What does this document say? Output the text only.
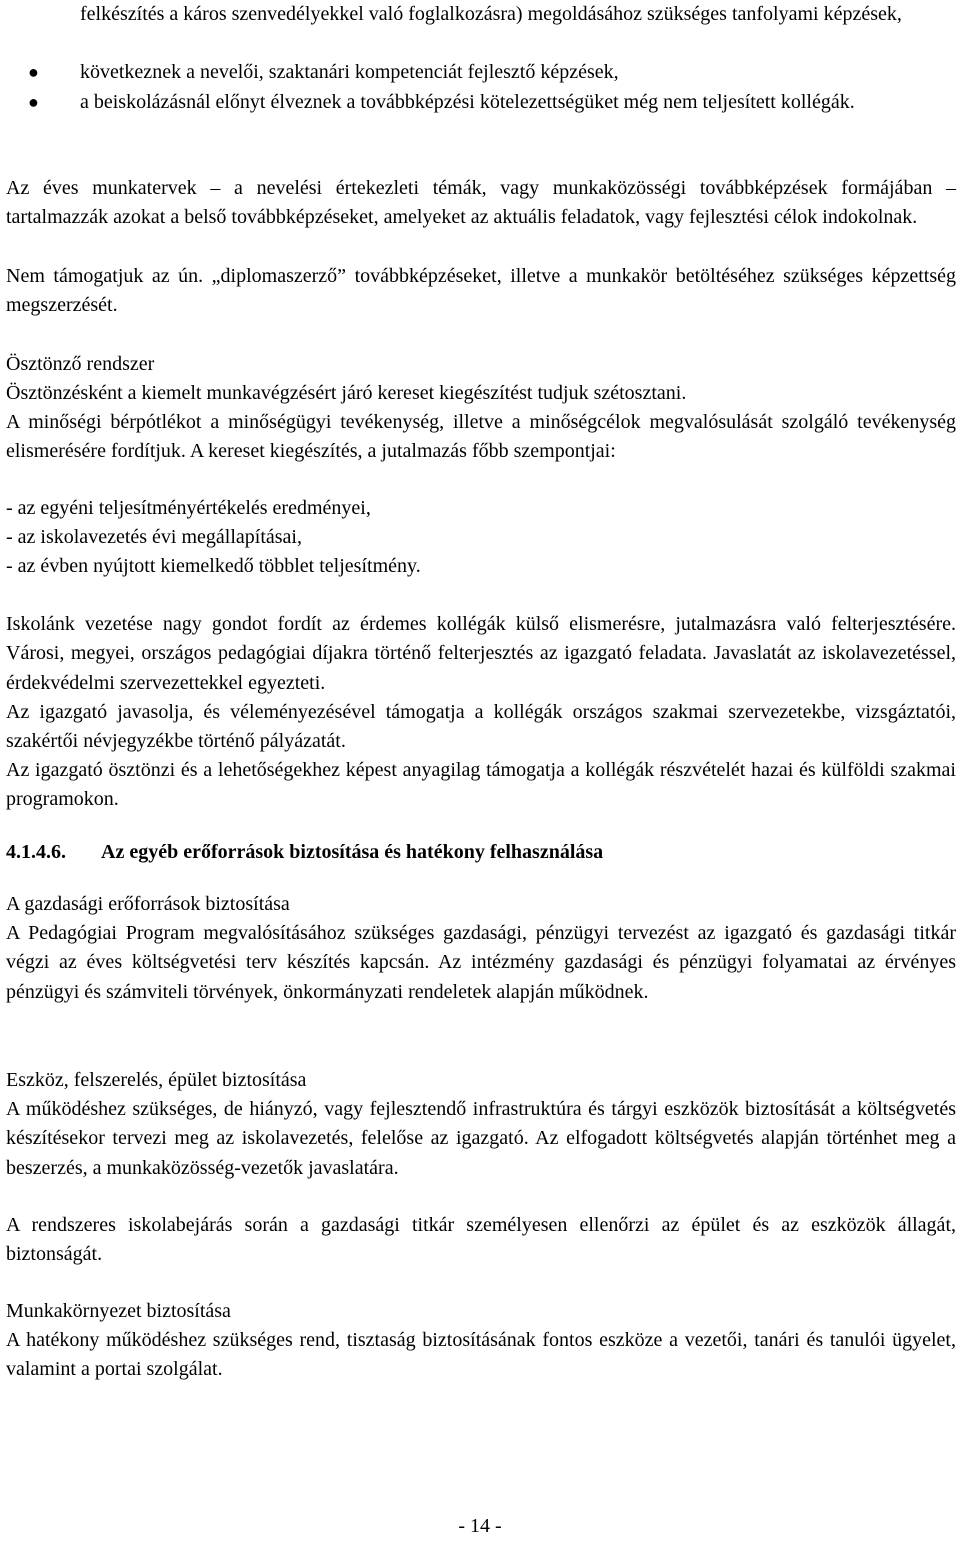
felkészítés a káros szenvedélyekkel való foglalkozásra) megoldásához szükséges tanfolyami képzések,

● következnek a nevelői, szaktanári kompetenciát fejlesztő képzések,

● a beiskolázásnál előnyt élveznek a továbbképzési kötelezettségüket még nem teljesített kollégák.

Az éves munkatervek – a nevelési értekezleti témák, vagy munkaközösségi továbbképzések formájában – tartalmazzák azokat a belső továbbképzéseket, amelyeket az aktuális feladatok, vagy fejlesztési célok indokolnak.

Nem támogatjuk az ún. „diplomaszerző” továbbképzéseket, illetve a munkakör betöltéséhez szükséges képzettség megszerzését.

Ösztönző rendszer

Ösztönzésként a kiemelt munkavégzésért járó kereset kiegészítést tudjuk szétosztani.

A minőségi bérpótlékot a minőségügyi tevékenység, illetve a minőségcélok megvalósulását szolgáló tevékenység elismerésére fordítjuk. A kereset kiegészítés, a jutalmazás főbb szempontjai:

- az egyéni teljesítményértékelés eredményei,

- az iskolavezetés évi megállapításai,

- az évben nyújtott kiemelkedő többlet teljesítmény.

Iskolánk vezetése nagy gondot fordít az érdemes kollégák külső elismerésre, jutalmazásra való felterjesztésére. Városi, megyei, országos pedagógiai díjakra történő felterjesztés az igazgató feladata. Javaslatát az iskolavezetéssel, érdekvédelmi szervezettekkel egyezteti.

Az igazgató javasolja, és véleményezésével támogatja a kollégák országos szakmai szervezetekbe, vizsgáztatói, szakértői névjegyzékbe történő pályázatát.

Az igazgató ösztönzi és a lehetőségekhez képest anyagilag támogatja a kollégák részvételét hazai és külföldi szakmai programokon.

4.1.4.6. Az egyéb erőforrások biztosítása és hatékony felhasználása

A gazdasági erőforrások biztosítása

A Pedagógiai Program megvalósításához szükséges gazdasági, pénzügyi tervezést az igazgató és gazdasági titkár végzi az éves költségvetési terv készítés kapcsán. Az intézmény gazdasági és pénzügyi folyamatai az érvényes pénzügyi és számviteli törvények, önkormányzati rendeletek alapján működnek.

Eszköz, felszerelés, épület biztosítása

A működéshez szükséges, de hiányzó, vagy fejlesztendő infrastruktúra és tárgyi eszközök biztosítását a költségvetés készítésekor tervezi meg az iskolavezetés, felelőse az igazgató. Az elfogadott költségvetés alapján történhet meg a beszerzés, a munkaközösség-vezetők javaslatára.

A rendszeres iskolabejárás során a gazdasági titkár személyesen ellenőrzi az épület és az eszközök állagát, biztonságát.

Munkakörnyezet biztosítása

A hatékony működéshez szükséges rend, tisztaság biztosításának fontos eszköze a vezetői, tanári és tanulói ügyelet, valamint a portai szolgálat.

- 14 -
